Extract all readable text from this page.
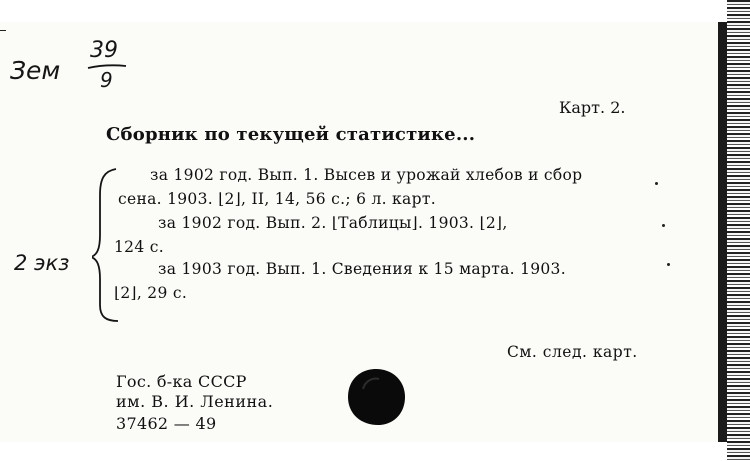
Зем
39
9
Карт. 2.
Сборник по текущей статистике...
2 экз
за 1902 год. Вып. 1. Высев и урожай хлебов и сбор
сена. 1903. ⌊2⌋, II, 14, 56 с.; 6 л. карт.
за 1902 год. Вып. 2. ⌊Таблицы⌋. 1903. ⌊2⌋,
124 с.
за 1903 год. Вып. 1. Сведения к 15 марта. 1903.
⌊2⌋, 29 с.
См. след. карт.
Гос. б-ка СССР
им. В. И. Ленина.
37462 — 49
